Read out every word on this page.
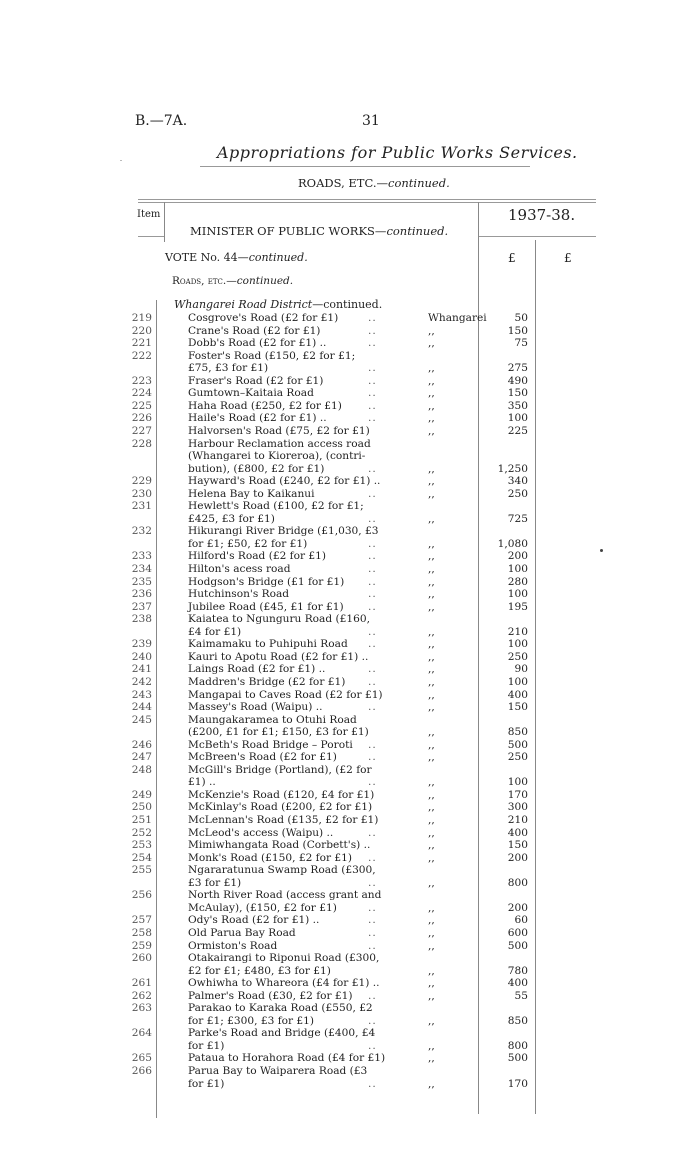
B.—7A.	31
Appropriations for Public Works Services.
ROADS, ETC.—continued.
Item	1937-38.
MINISTER OF PUBLIC WORKS—continued.
VOTE No. 44—continued.	£	£
Roads, etc.—continued.
Whangarei Road District—continued.
219	Cosgrove's Road (£2 for £1)	..	Whangarei	50
220	Crane's Road (£2 for £1)	..	,,	150
221	Dobb's Road (£2 for £1) ..	..	,,	75
222	Foster's Road (£150, £2 for £1;
£75, £3 for £1)	..	,,	275
223	Fraser's Road (£2 for £1)	..	,,	490
224	Gumtown–Kaitaia Road	..	,,	150
225	Haha Road (£250, £2 for £1) ..	,,	350
226	Haile's Road (£2 for £1) ..	..	,,	100
227	Halvorsen's Road (£75, £2 for £1)	,,	225
228	Harbour Reclamation access road
(Whangarei to Kioreroa), (contri-
bution), (£800, £2 for £1)	..	,,	1,250
229	Hayward's Road (£240, £2 for £1) ..	,,	340
230	Helena Bay to Kaikanui	..	,,	250
231	Hewlett's Road (£100, £2 for £1;
£425, £3 for £1)	..	,,	725
232	Hikurangi River Bridge (£1,030, £3
for £1; £50, £2 for £1)	..	,,	1,080
233	Hilford's Road (£2 for £1)	..	,,	200
234	Hilton's acess road	..	,,	100
235	Hodgson's Bridge (£1 for £1) ..	,,	280
236	Hutchinson's Road	..	,,	100
237	Jubilee Road (£45, £1 for £1) ..	,,	195
238	Kaiatea to Ngunguru Road (£160,
£4 for £1)	..	,,	210
239	Kaimamaku to Puhipuhi Road ..	,,	100
240	Kauri to Apotu Road (£2 for £1) ..	,,	250
241	Laings Road (£2 for £1) ..	..	,,	90
242	Maddren's Bridge (£2 for £1) ..	,,	100
243	Mangapai to Caves Road (£2 for £1)	,,	400
244	Massey's Road (Waipu) ..	..	,,	150
245	Maungakaramea to Otuhi Road
(£200, £1 for £1; £150, £3 for £1)	,,	850
246	McBeth's Road Bridge – Poroti ..	,,	500
247	McBreen's Road (£2 for £1)	..	,,	250
248	McGill's Bridge (Portland), (£2 for
£1) ..	..	,,	100
249	McKenzie's Road (£120, £4 for £1)	,,	170
250	McKinlay's Road (£200, £2 for £1)	,,	300
251	McLennan's Road (£135, £2 for £1)	,,	210
252	McLeod's access (Waipu) ..	..	,,	400
253	Mimiwhangata Road (Corbett's) ..	,,	150
254	Monk's Road (£150, £2 for £1) ..	,,	200
255	Ngararatunua Swamp Road (£300,
£3 for £1)	..	,,	800
256	North River Road (access grant and
McAulay), (£150, £2 for £1)	..	,,	200
257	Ody's Road (£2 for £1) ..	..	,,	60
258	Old Parua Bay Road	..	,,	600
259	Ormiston's Road	..	,,	500
260	Otakairangi to Riponui Road (£300,
£2 for £1; £480, £3 for £1)	,,	780
261	Owhiwha to Whareora (£4 for £1) ..	,,	400
262	Palmer's Road (£30, £2 for £1) ..	,,	55
263	Parakao to Karaka Road (£550, £2
for £1; £300, £3 for £1)	..	,,	850
264	Parke's Road and Bridge (£400, £4
for £1)	..	,,	800
265	Pataua to Horahora Road (£4 for £1)	,,	500
266	Parua Bay to Waiparera Road (£3
for £1)	..	,,	170
